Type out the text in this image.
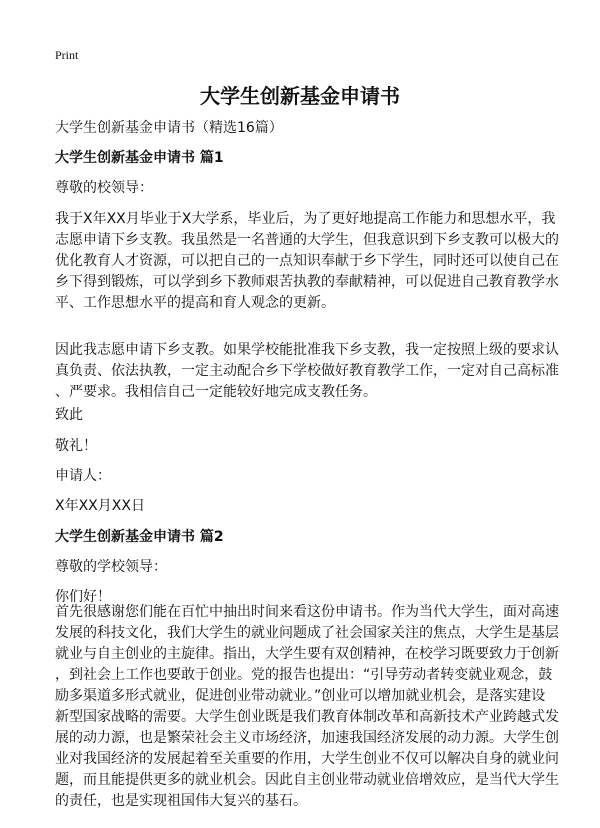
Print
大学生创新基金申请书
大学生创新基金申请书（精选16篇）
大学生创新基金申请书 篇1
尊敬的校领导：
我于X年XX月毕业于X大学系，毕业后，为了更好地提高工作能力和思想水平，我
志愿申请下乡支教。我虽然是一名普通的大学生，但我意识到下乡支教可以极大的
优化教育人才资源，可以把自己的一点知识奉献于乡下学生，同时还可以使自己在
乡下得到锻炼，可以学到乡下教师艰苦执教的奉献精神，可以促进自己教育教学水
平、工作思想水平的提高和育人观念的更新。
因此我志愿申请下乡支教。如果学校能批准我下乡支教，我一定按照上级的要求认
真负责、依法执教，一定主动配合乡下学校做好教育教学工作，一定对自己高标准
、严要求。我相信自己一定能较好地完成支教任务。
致此
敬礼！
申请人：
X年XX月XX日
大学生创新基金申请书 篇2
尊敬的学校领导：
你们好！
首先很感谢您们能在百忙中抽出时间来看这份申请书。作为当代大学生，面对高速
发展的科技文化，我们大学生的就业问题成了社会国家关注的焦点，大学生是基层
就业与自主创业的主旋律。指出，大学生要有双创精神，在校学习既要致力于创新
，到社会上工作也要敢于创业。党的报告也提出：“引导劳动者转变就业观念，鼓
励多渠道多形式就业，促进创业带动就业。”创业可以增加就业机会，是落实建设
新型国家战略的需要。大学生创业既是我们教育体制改革和高新技术产业跨越式发
展的动力源，也是繁荣社会主义市场经济，加速我国经济发展的动力源。大学生创
业对我国经济的发展起着至关重要的作用，大学生创业不仅可以解决自身的就业问
题，而且能提供更多的就业机会。因此自主创业带动就业倍增效应，是当代大学生
的责任，也是实现祖国伟大复兴的基石。
